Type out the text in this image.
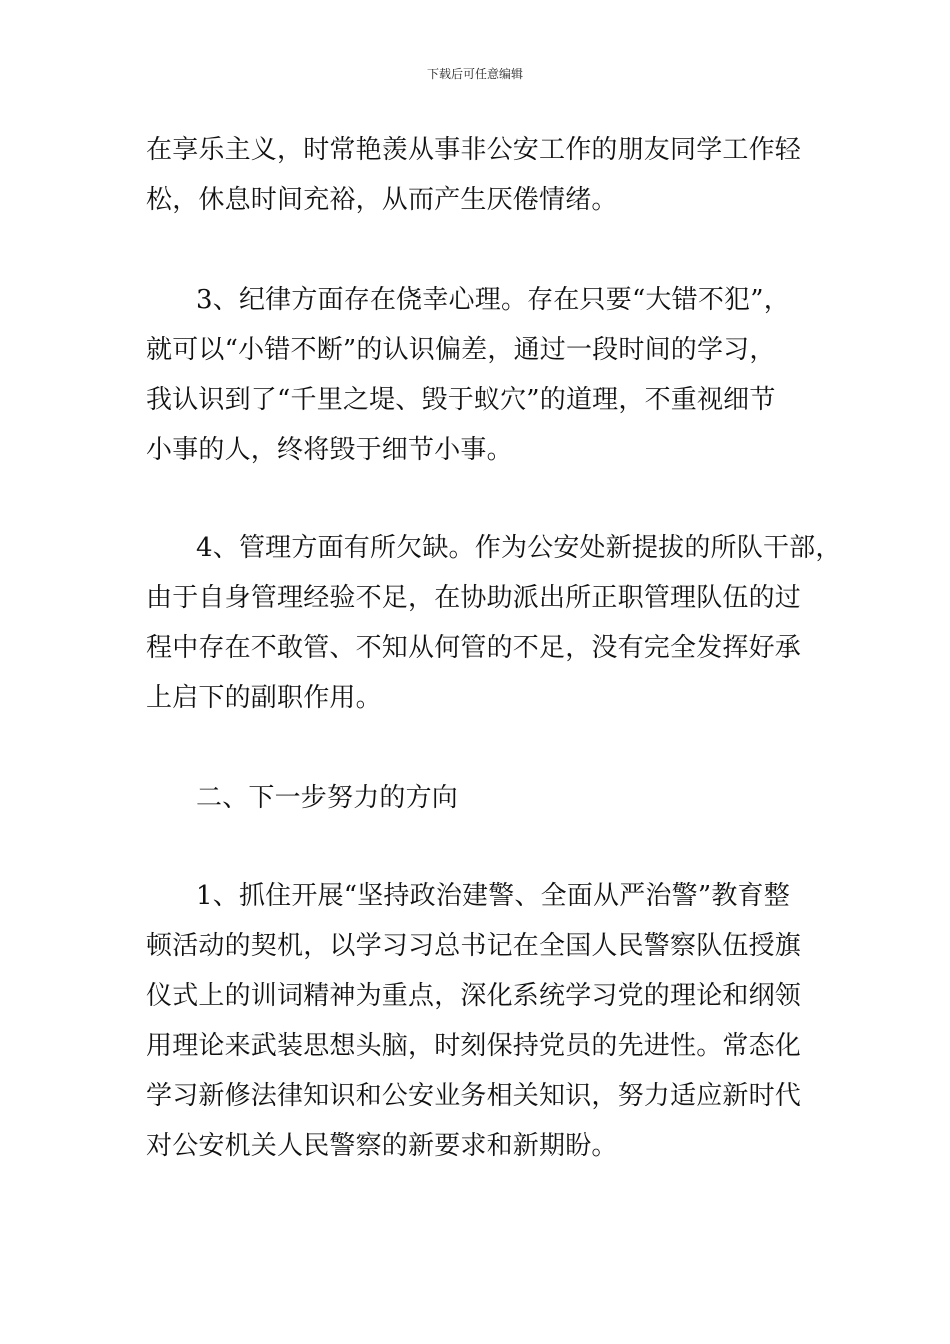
下载后可任意编辑
在享乐主义，时常艳羡从事非公安工作的朋友同学工作轻
松，休息时间充裕，从而产生厌倦情绪。
3、纪律方面存在侥幸心理。存在只要“大错不犯”，
就可以“小错不断”的认识偏差，通过一段时间的学习，
我认识到了“千里之堤、毁于蚁穴”的道理，不重视细节
小事的人，终将毁于细节小事。
4、管理方面有所欠缺。作为公安处新提拔的所队干部，
由于自身管理经验不足，在协助派出所正职管理队伍的过
程中存在不敢管、不知从何管的不足，没有完全发挥好承
上启下的副职作用。
二、下一步努力的方向
1、抓住开展“坚持政治建警、全面从严治警”教育整
顿活动的契机，以学习习总书记在全国人民警察队伍授旗
仪式上的训词精神为重点，深化系统学习党的理论和纲领
用理论来武装思想头脑，时刻保持党员的先进性。常态化
学习新修法律知识和公安业务相关知识，努力适应新时代
对公安机关人民警察的新要求和新期盼。
